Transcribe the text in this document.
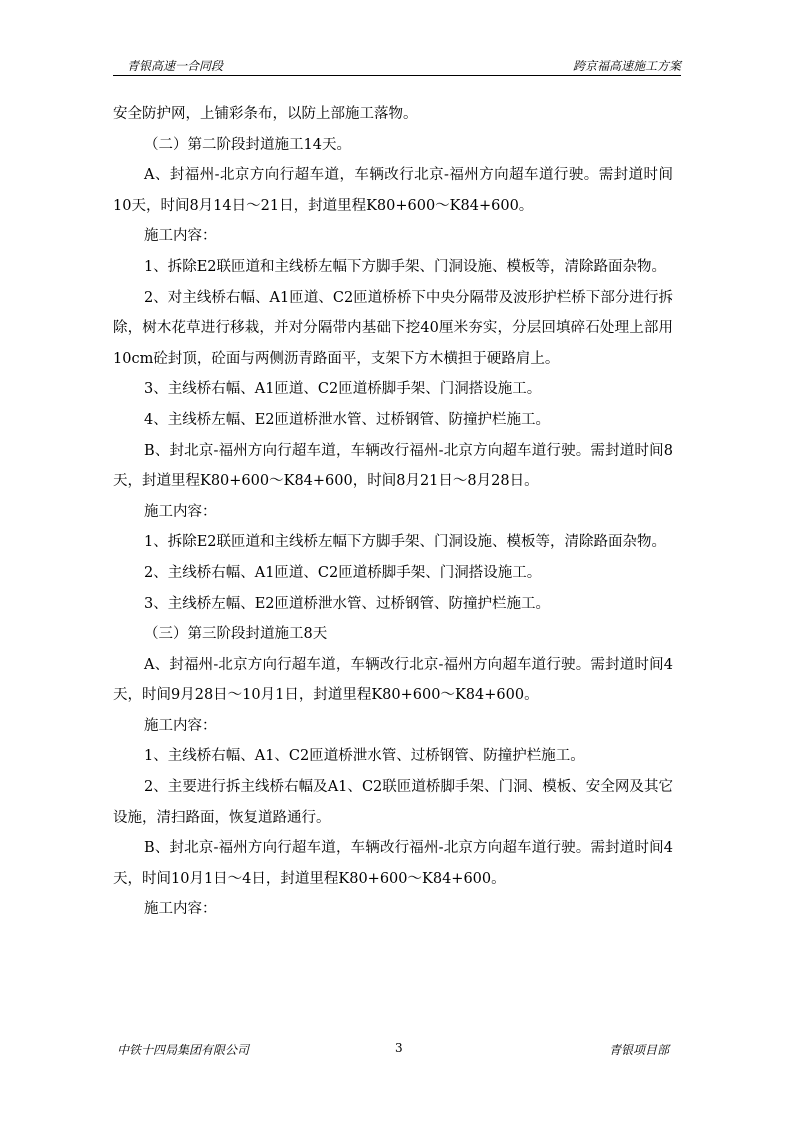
青银高速一合同段	跨京福高速施工方案

安全防护网，上铺彩条布，以防上部施工落物。

（二）第二阶段封道施工14天。

A、封福州-北京方向行超车道，车辆改行北京-福州方向超车道行驶。需封道时间10天，时间8月14日～21日，封道里程K80+600～K84+600。

施工内容：

1、拆除E2联匝道和主线桥左幅下方脚手架、门洞设施、模板等，清除路面杂物。

2、对主线桥右幅、A1匝道、C2匝道桥桥下中央分隔带及波形护栏桥下部分进行拆除，树木花草进行移栽，并对分隔带内基础下挖40厘米夯实，分层回填碎石处理上部用10cm砼封顶，砼面与两侧沥青路面平，支架下方木横担于硬路肩上。

3、主线桥右幅、A1匝道、C2匝道桥脚手架、门洞搭设施工。

4、主线桥左幅、E2匝道桥泄水管、过桥钢管、防撞护栏施工。

B、封北京-福州方向行超车道，车辆改行福州-北京方向超车道行驶。需封道时间8天，封道里程K80+600～K84+600，时间8月21日～8月28日。

施工内容：

1、拆除E2联匝道和主线桥左幅下方脚手架、门洞设施、模板等，清除路面杂物。

2、主线桥右幅、A1匝道、C2匝道桥脚手架、门洞搭设施工。

3、主线桥左幅、E2匝道桥泄水管、过桥钢管、防撞护栏施工。

（三）第三阶段封道施工8天

A、封福州-北京方向行超车道，车辆改行北京-福州方向超车道行驶。需封道时间4天，时间9月28日～10月1日，封道里程K80+600～K84+600。

施工内容：

1、主线桥右幅、A1、C2匝道桥泄水管、过桥钢管、防撞护栏施工。

2、主要进行拆主线桥右幅及A1、C2联匝道桥脚手架、门洞、模板、安全网及其它设施，清扫路面，恢复道路通行。

B、封北京-福州方向行超车道，车辆改行福州-北京方向超车道行驶。需封道时间4天，时间10月1日～4日，封道里程K80+600～K84+600。

施工内容：

中铁十四局集团有限公司	3	青银项目部
